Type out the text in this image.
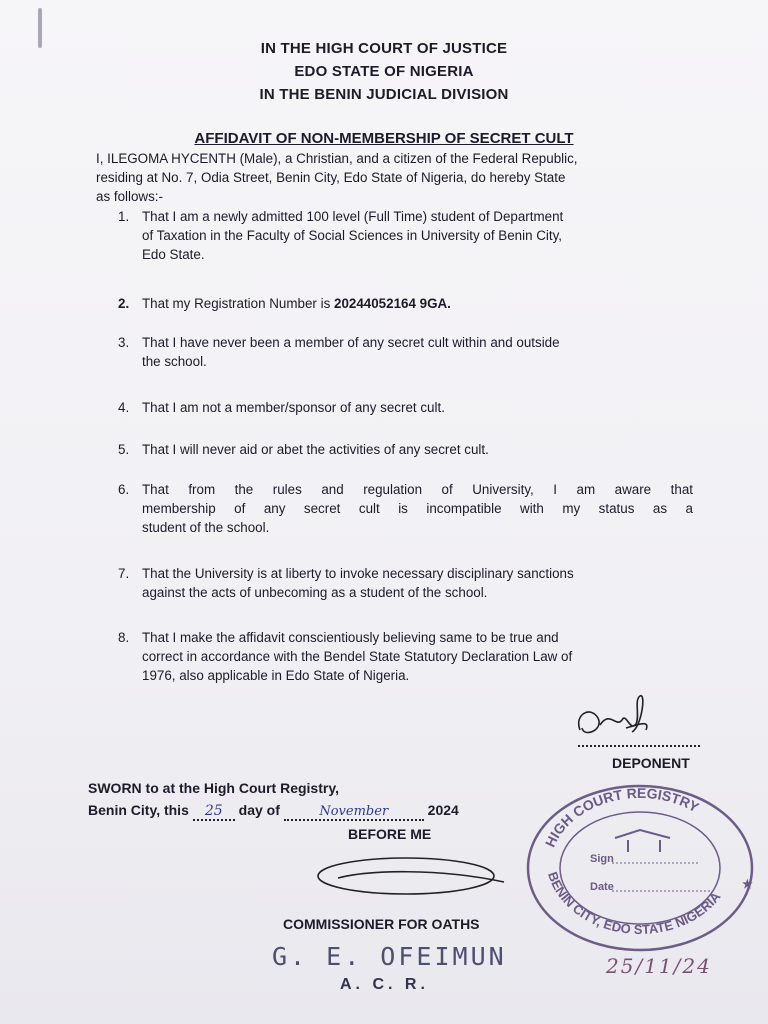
IN THE HIGH COURT OF JUSTICE
EDO STATE OF NIGERIA
IN THE BENIN JUDICIAL DIVISION
AFFIDAVIT OF NON-MEMBERSHIP OF SECRET CULT
I, ILEGOMA HYCENTH (Male), a Christian, and a citizen of the Federal Republic,
residing at No. 7, Odia Street, Benin City, Edo State of Nigeria, do hereby State
as follows:-
1. That I am a newly admitted 100 level (Full Time) student of Department
of Taxation in the Faculty of Social Sciences in University of Benin City,
Edo State.
2. That my Registration Number is 20244052164 9GA.
3. That I have never been a member of any secret cult within and outside
the school.
4. That I am not a member/sponsor of any secret cult.
5. That I will never aid or abet the activities of any secret cult.
6. That from the rules and regulation of University, I am aware that
membership of any secret cult is incompatible with my status as a
student of the school.
7. That the University is at liberty to invoke necessary disciplinary sanctions
against the acts of unbecoming as a student of the school.
8. That I make the affidavit conscientiously believing same to be true and
correct in accordance with the Bendel State Statutory Declaration Law of
1976, also applicable in Edo State of Nigeria.
DEPONENT
SWORN to at the High Court Registry,
Benin City, this 25 day of	November	2024
BEFORE ME
COMMISSIONER FOR OATHS
G. E. OFEIMUN
A. C. R.
HIGH COURT REGISTRY
BENIN CITY, EDO STATE NIGERIA
Sign
Date	★
25/11/24
